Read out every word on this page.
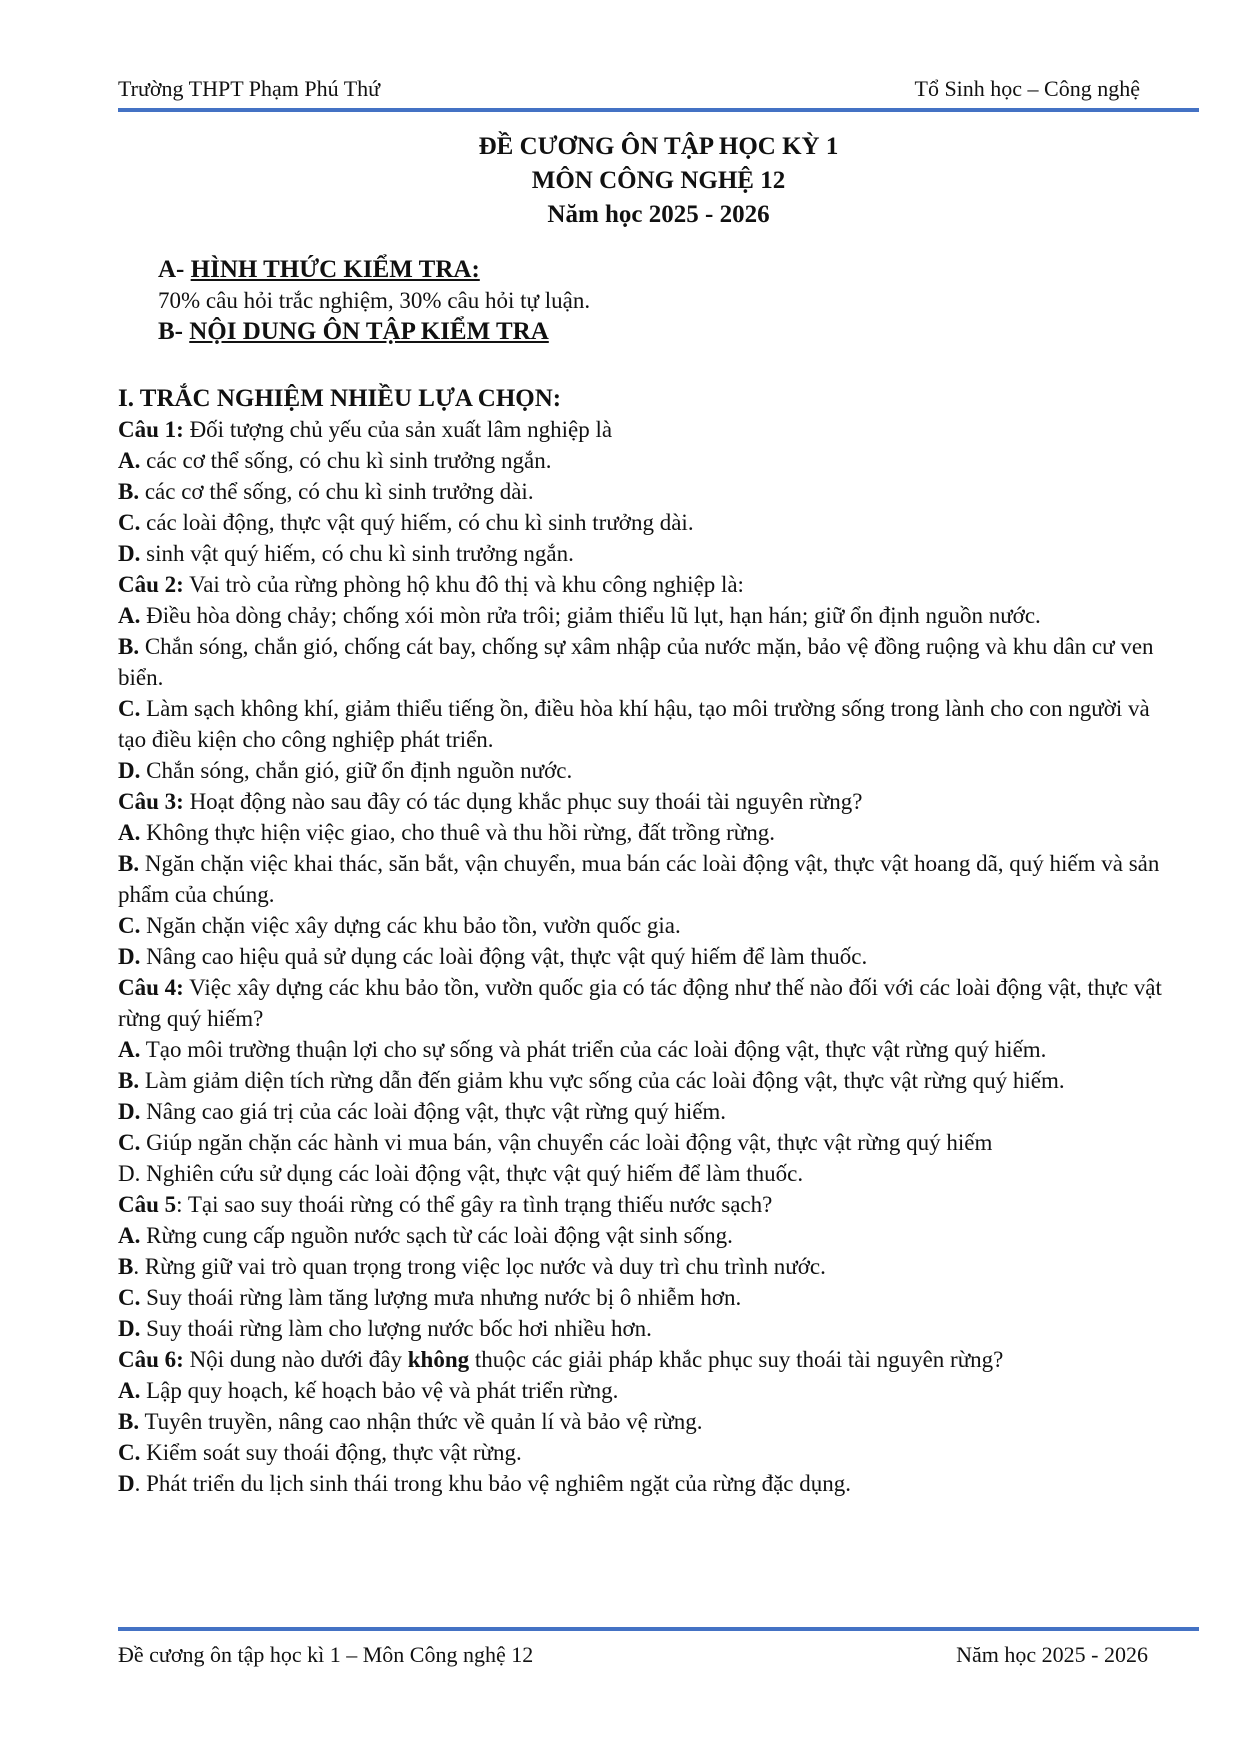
Trường THPT Phạm Phú Thứ	Tổ Sinh học – Công nghệ
ĐỀ CƯƠNG ÔN TẬP HỌC KỲ 1
MÔN CÔNG NGHỆ 12
Năm học 2025 - 2026
A- HÌNH THỨC KIỂM TRA:
70% câu hỏi trắc nghiệm, 30% câu hỏi tự luận.
B- NỘI DUNG ÔN TẬP KIỂM TRA
I. TRẮC NGHIỆM NHIỀU LỰA CHỌN:
Câu 1: Đối tượng chủ yếu của sản xuất lâm nghiệp là
A. các cơ thể sống, có chu kì sinh trưởng ngắn.
B. các cơ thể sống, có chu kì sinh trưởng dài.
C. các loài động, thực vật quý hiếm, có chu kì sinh trưởng dài.
D. sinh vật quý hiếm, có chu kì sinh trưởng ngắn.
Câu 2: Vai trò của rừng phòng hộ khu đô thị và khu công nghiệp là:
A. Điều hòa dòng chảy; chống xói mòn rửa trôi; giảm thiểu lũ lụt, hạn hán; giữ ổn định nguồn nước.
B. Chắn sóng, chắn gió, chống cát bay, chống sự xâm nhập của nước mặn, bảo vệ đồng ruộng và khu dân cư ven biển.
C. Làm sạch không khí, giảm thiểu tiếng ồn, điều hòa khí hậu, tạo môi trường sống trong lành cho con người và tạo điều kiện cho công nghiệp phát triển.
D. Chắn sóng, chắn gió, giữ ổn định nguồn nước.
Câu 3: Hoạt động nào sau đây có tác dụng khắc phục suy thoái tài nguyên rừng?
A. Không thực hiện việc giao, cho thuê và thu hồi rừng, đất trồng rừng.
B. Ngăn chặn việc khai thác, săn bắt, vận chuyển, mua bán các loài động vật, thực vật hoang dã, quý hiếm và sản phẩm của chúng.
C. Ngăn chặn việc xây dựng các khu bảo tồn, vườn quốc gia.
D. Nâng cao hiệu quả sử dụng các loài động vật, thực vật quý hiếm để làm thuốc.
Câu 4: Việc xây dựng các khu bảo tồn, vườn quốc gia có tác động như thế nào đối với các loài động vật, thực vật rừng quý hiếm?
A. Tạo môi trường thuận lợi cho sự sống và phát triển của các loài động vật, thực vật rừng quý hiếm.
B. Làm giảm diện tích rừng dẫn đến giảm khu vực sống của các loài động vật, thực vật rừng quý hiếm.
D. Nâng cao giá trị của các loài động vật, thực vật rừng quý hiếm.
C. Giúp ngăn chặn các hành vi mua bán, vận chuyển các loài động vật, thực vật rừng quý hiếm
D. Nghiên cứu sử dụng các loài động vật, thực vật quý hiếm để làm thuốc.
Câu 5: Tại sao suy thoái rừng có thể gây ra tình trạng thiếu nước sạch?
A. Rừng cung cấp nguồn nước sạch từ các loài động vật sinh sống.
B. Rừng giữ vai trò quan trọng trong việc lọc nước và duy trì chu trình nước.
C. Suy thoái rừng làm tăng lượng mưa nhưng nước bị ô nhiễm hơn.
D. Suy thoái rừng làm cho lượng nước bốc hơi nhiều hơn.
Câu 6: Nội dung nào dưới đây không thuộc các giải pháp khắc phục suy thoái tài nguyên rừng?
A. Lập quy hoạch, kế hoạch bảo vệ và phát triển rừng.
B. Tuyên truyền, nâng cao nhận thức về quản lí và bảo vệ rừng.
C. Kiểm soát suy thoái động, thực vật rừng.
D. Phát triển du lịch sinh thái trong khu bảo vệ nghiêm ngặt của rừng đặc dụng.
Đề cương ôn tập học kì 1 – Môn Công nghệ 12	Năm học 2025 - 2026
